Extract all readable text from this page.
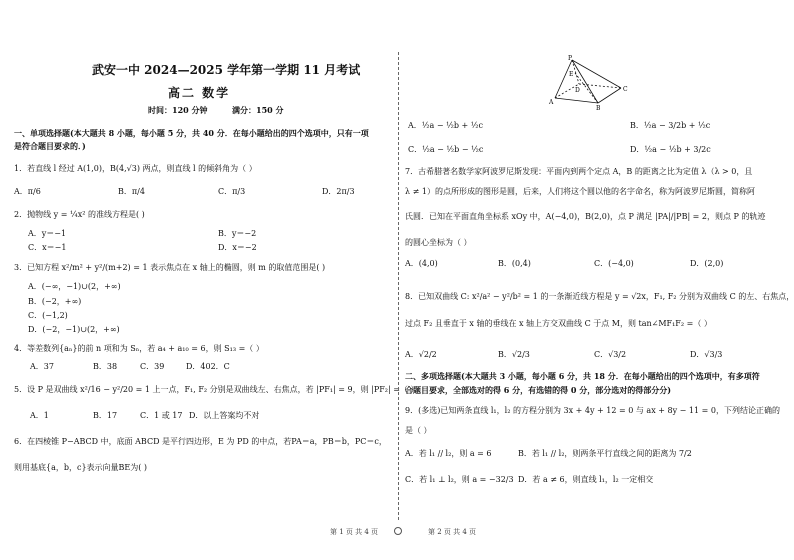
武安一中 2024—2025 学年第一学期 11 月考试
高二 数学
时间：120 分钟	满分：150 分
一、单项选择题(本大题共 8 小题，每小题 5 分，共 40 分．在每小题给出的四个选项中，只有一项
是符合题目要求的．)
1．若直线 l 经过 A(1,0)，B(4,√3) 两点，则直线 l 的倾斜角为（ ）
A．π/6	B．π/4	C．π/3	D．2π/3
2．抛物线 y = ¼x² 的准线方程是( )
A．y＝−1	B．y＝−2
C．x＝−1	D．x＝−2
3．已知方程 x²/m² + y²/(m+2) = 1 表示焦点在 x 轴上的椭圆，则 m 的取值范围是( )
A．(−∞，−1)∪(2，+∞)
B．(−2，+∞)
C．(−1,2)
D．(−2，−1)∪(2，+∞)
4．等差数列{aₙ}的前 n 项和为 Sₙ，若 a₄ + a₁₀ = 6，则 S₁₃ =（ ）
A．37	B．38	C．39	D．402．C
5．设 P 是双曲线 x²/16 − y²/20 = 1 上一点，F₁, F₂ 分别是双曲线左、右焦点，若 |PF₁| = 9，则 |PF₂| =（ ）
A．1	B．17	C．1 或 17 D．以上答案均不对
6．在四棱锥 P−ABCD 中，底面 ABCD 是平行四边形，E 为 PD 的中点，若PA＝a，PB＝b，PC＝c，
则用基底{a，b，c}表示向量BE为( )
P
A
B
C
D
E
A．½a − ½b + ½c	B．½a − 3/2b + ½c
C．½a − ½b − ½c	D．½a − ½b + 3/2c
7．古希腊著名数学家阿波罗尼斯发现：平面内到两个定点 A，B 的距离之比为定值 λ（λ > 0，且
λ ≠ 1）的点所形成的图形是圆，后来，人们将这个圆以他的名字命名，称为阿波罗尼斯圆，简称阿
氏圆．已知在平面直角坐标系 xOy 中，A(−4,0)，B(2,0)，点 P 满足 |PA|/|PB| = 2，则点 P 的轨迹
的圆心坐标为（ ）
A．(4,0)	B．(0,4)	C．(−4,0)	D．(2,0)
8．已知双曲线 C: x²/a² − y²/b² = 1 的一条渐近线方程是 y = √2x，F₁, F₂ 分别为双曲线 C 的左、右焦点，
过点 F₂ 且垂直于 x 轴的垂线在 x 轴上方交双曲线 C 于点 M，则 tan∠MF₁F₂ =（ ）
A．√2/2	B．√2/3	C．√3/2	D．√3/3
二、多项选择题(本大题共 3 小题，每小题 6 分，共 18 分．在每小题给出的四个选项中，有多项符
合题目要求，全部选对的得 6 分，有选错的得 0 分，部分选对的得部分分)
9．(多选)已知两条直线 l₁，l₂ 的方程分别为 3x + 4y + 12 = 0 与 ax + 8y − 11 = 0，下列结论正确的
是（ ）
A．若 l₁ // l₂，则 a = 6	B．若 l₁ // l₂，则两条平行直线之间的距离为 7/2
C．若 l₁ ⊥ l₂，则 a = −32/3 D．若 a ≠ 6，则直线 l₁，l₂ 一定相交
第 1 页 共 4 页	第 2 页 共 4 页
